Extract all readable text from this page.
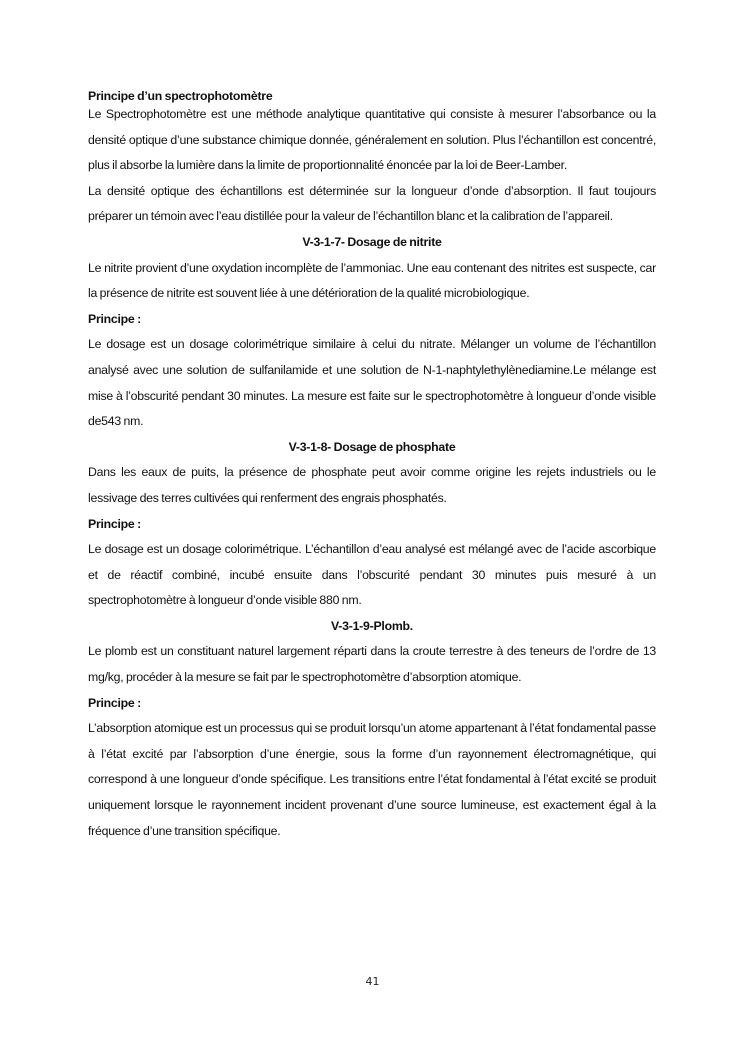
Principe d’un spectrophotomètre

Le Spectrophotomètre est une méthode analytique quantitative qui consiste à mesurer l’absorbance ou la densité optique d’une substance chimique donnée, généralement en solution. Plus l’échantillon est concentré, plus il absorbe la lumière dans la limite de proportionnalité énoncée par la loi de Beer-Lamber.

La densité optique des échantillons est déterminée sur la longueur d’onde d’absorption. Il faut toujours préparer un témoin avec l’eau distillée pour la valeur de l’échantillon blanc et la calibration de l’appareil.

V-3-1-7- Dosage de nitrite

Le nitrite provient d’une oxydation incomplète de l’ammoniac. Une eau contenant des nitrites est suspecte, car la présence de nitrite est souvent liée à une détérioration de la qualité microbiologique.

Principe :

Le dosage est un dosage colorimétrique similaire à celui du nitrate. Mélanger un volume de l’échantillon analysé avec une solution de sulfanilamide et une solution de N-1-naphtylethylènediamine.Le mélange est mise à l’obscurité pendant 30 minutes. La mesure est faite sur le spectrophotomètre à longueur d’onde visible de543 nm.

V-3-1-8- Dosage de phosphate

Dans les eaux de puits, la présence de phosphate peut avoir comme origine les rejets industriels ou le lessivage des terres cultivées qui renferment des engrais phosphatés.

Principe :

Le dosage est un dosage colorimétrique. L’échantillon d’eau analysé est mélangé avec de l’acide ascorbique et de réactif combiné, incubé ensuite dans l’obscurité pendant 30 minutes puis mesuré à un spectrophotomètre à longueur d’onde visible 880 nm.

V-3-1-9-Plomb.

Le plomb est un constituant naturel largement réparti dans la croute terrestre à des teneurs de l’ordre de 13 mg/kg, procéder à la mesure se fait par le spectrophotomètre d’absorption atomique.

Principe :

L’absorption atomique est un processus qui se produit lorsqu’un atome appartenant à l’état fondamental passe à l’état excité par l’absorption d’une énergie, sous la forme d’un rayonnement électromagnétique, qui correspond à une longueur d’onde spécifique. Les transitions entre l’état fondamental à l’état excité se produit uniquement lorsque le rayonnement incident provenant d’une source lumineuse, est exactement égal à la fréquence d’une transition spécifique.

41
